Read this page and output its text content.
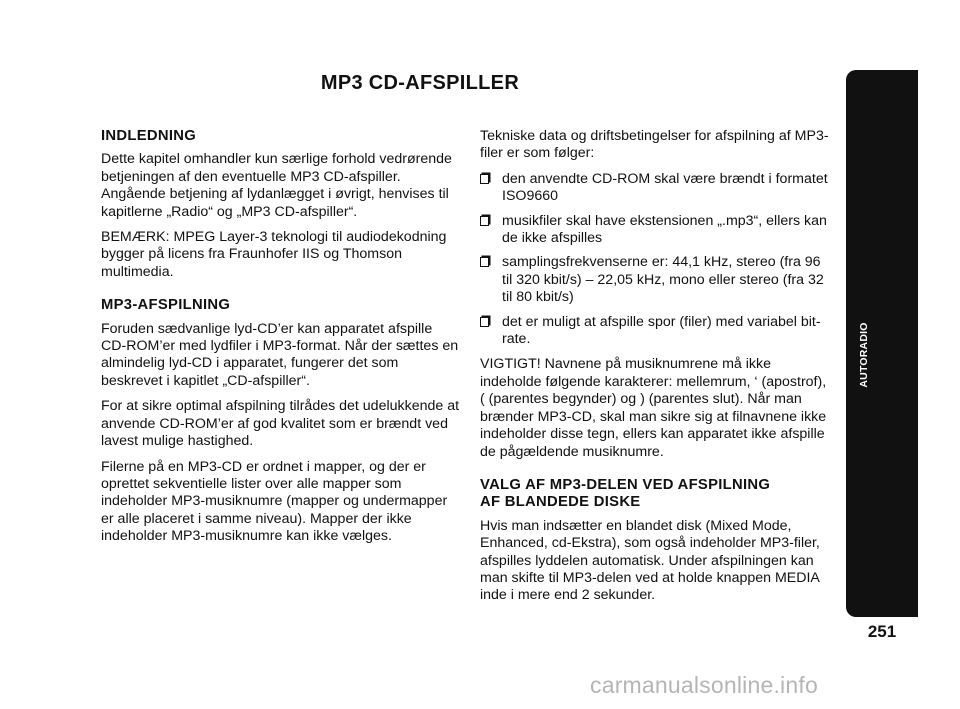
MP3 CD-AFSPILLER
INDLEDNING

Dette kapitel omhandler kun særlige forhold vedrørende betjeningen af den eventuelle MP3 CD-afspiller. Angående betjening af lydanlægget i øvrigt, henvises til kapitlerne „Radio“ og „MP3 CD-afspiller“.

BEMÆRK: MPEG Layer-3 teknologi til audiodekodning bygger på licens fra Fraunhofer IIS og Thomson multimedia.

MP3-AFSPILNING

Foruden sædvanlige lyd-CD’er kan apparatet afspille CD-ROM’er med lydfiler i MP3-format. Når der sættes en almindelig lyd-CD i apparatet, fungerer det som beskrevet i kapitlet „CD-afspiller“.

For at sikre optimal afspilning tilrådes det udelukkende at anvende CD-ROM’er af god kvalitet som er brændt ved lavest mulige hastighed.

Filerne på en MP3-CD er ordnet i mapper, og der er oprettet sekventielle lister over alle mapper som indeholder MP3-musiknumre (mapper og undermapper er alle placeret i samme niveau). Mapper der ikke indeholder MP3-musiknumre kan ikke vælges.

Tekniske data og driftsbetingelser for afspilning af MP3-filer er som følger:

den anvendte CD-ROM skal være brændt i formatet ISO9660
musikfiler skal have ekstensionen „.mp3“, ellers kan de ikke afspilles
samplingsfrekvenserne er: 44,1 kHz, stereo (fra 96 til 320 kbit/s) – 22,05 kHz, mono eller stereo (fra 32 til 80 kbit/s)
det er muligt at afspille spor (filer) med variabel bit-rate.

VIGTIGT! Navnene på musiknumrene må ikke indeholde følgende karakterer: mellemrum, ‘ (apostrof), ( (parentes begynder) og ) (parentes slut). Når man brænder MP3-CD, skal man sikre sig at filnavnene ikke indeholder disse tegn, ellers kan apparatet ikke afspille de pågældende musiknumre.

VALG AF MP3-DELEN VED AFSPILNING
AF BLANDEDE DISKE

Hvis man indsætter en blandet disk (Mixed Mode, Enhanced, cd-Ekstra), som også indeholder MP3-filer, afspilles lyddelen automatisk. Under afspilningen kan man skifte til MP3-delen ved at holde knappen MEDIA inde i mere end 2 sekunder.

AUTORADIO
251
carmanualsonline.info
